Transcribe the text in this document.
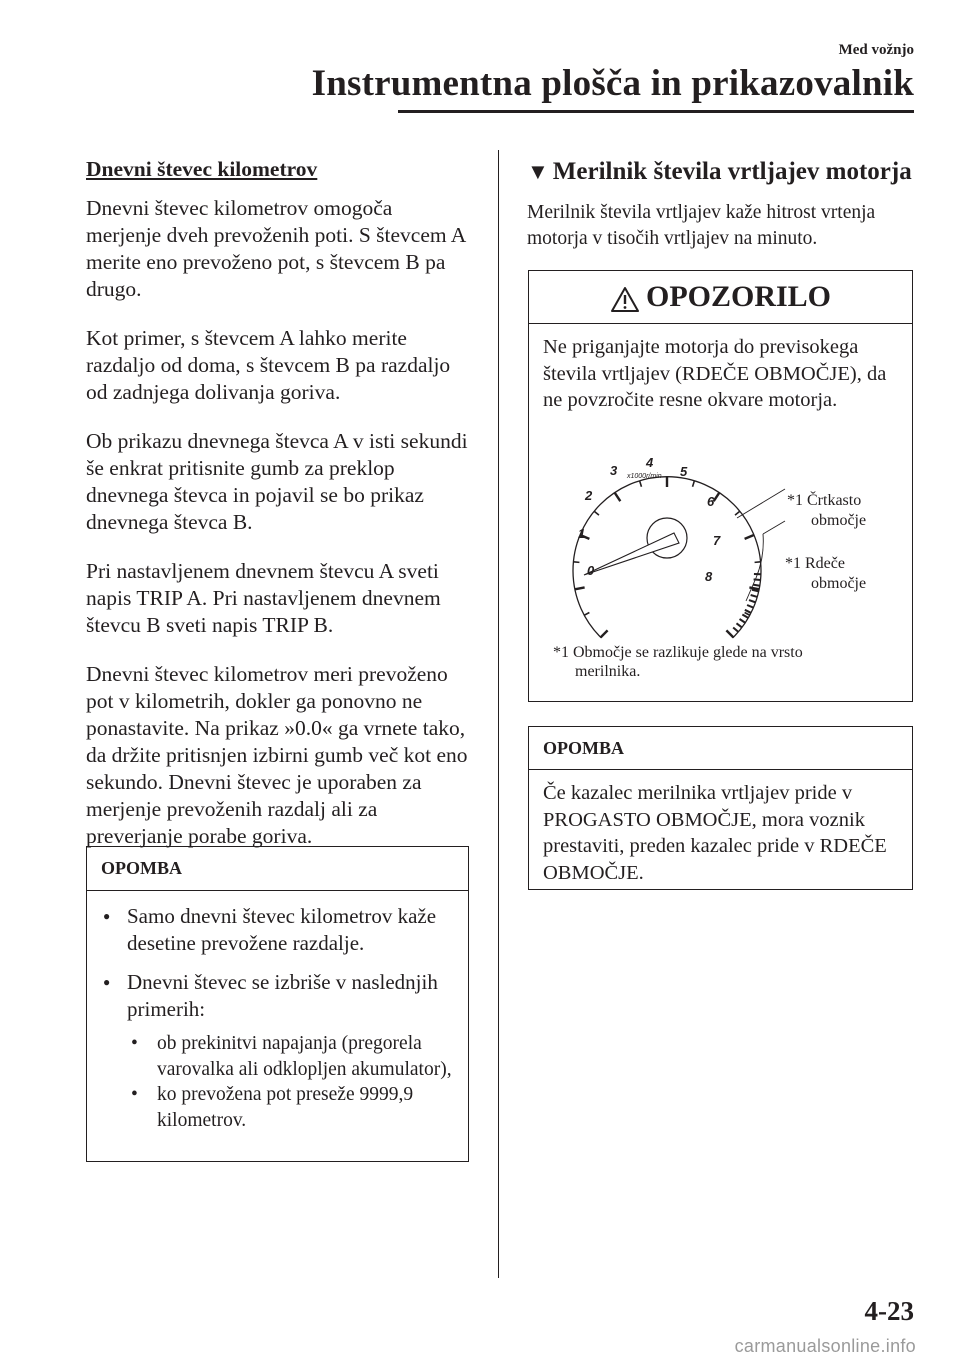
Med vožnjo
Instrumentna plošča in prikazovalnik

Dnevni števec kilometrov

Dnevni števec kilometrov omogoča merjenje dveh prevoženih poti. S števcem A merite eno prevoženo pot, s števcem B pa drugo.

Kot primer, s števcem A lahko merite razdaljo od doma, s števcem B pa razdaljo od zadnjega dolivanja goriva.

Ob prikazu dnevnega števca A v isti sekundi še enkrat pritisnite gumb za preklop dnevnega števca in pojavil se bo prikaz dnevnega števca B.

Pri nastavljenem dnevnem števcu A sveti napis TRIP A. Pri nastavljenem dnevnem števcu B sveti napis TRIP B.

Dnevni števec kilometrov meri prevoženo pot v kilometrih, dokler ga ponovno ne ponastavite. Na prikaz »0.0« ga vrnete tako, da držite pritisnjen izbirni gumb več kot eno sekundo. Dnevni števec je uporaben za merjenje prevoženih razdalj ali za preverjanje porabe goriva.

OPOMBA
● Samo dnevni števec kilometrov kaže desetine prevožene razdalje.
● Dnevni števec se izbriše v naslednjih primerih:
• ob prekinitvi napajanja (pregorela varovalka ali odklopljen akumulator),
• ko prevožena pot preseže 9999,9 kilometrov.
▼ Merilnik števila vrtljajev motorja
Merilnik števila vrtljajev kaže hitrost vrtenja motorja v tisočih vrtljajev na minuto.
OPOZORILO
Ne priganjajte motorja do previsokega števila vrtljajev (RDEČE OBMOČJE), da ne povzročite resne okvare motorja.
0
1
2
3
4
5
6
7
8
x1000r/min
*1 Črtkasto
območje
*1 Rdeče
območje
*1 Območje se razlikuje glede na vrsto
merilnika.
OPOMBA
Če kazalec merilnika vrtljajev pride v PROGASTO OBMOČJE, mora voznik prestaviti, preden kazalec pride v RDEČE OBMOČJE.
4-23
carmanualsonline.info
